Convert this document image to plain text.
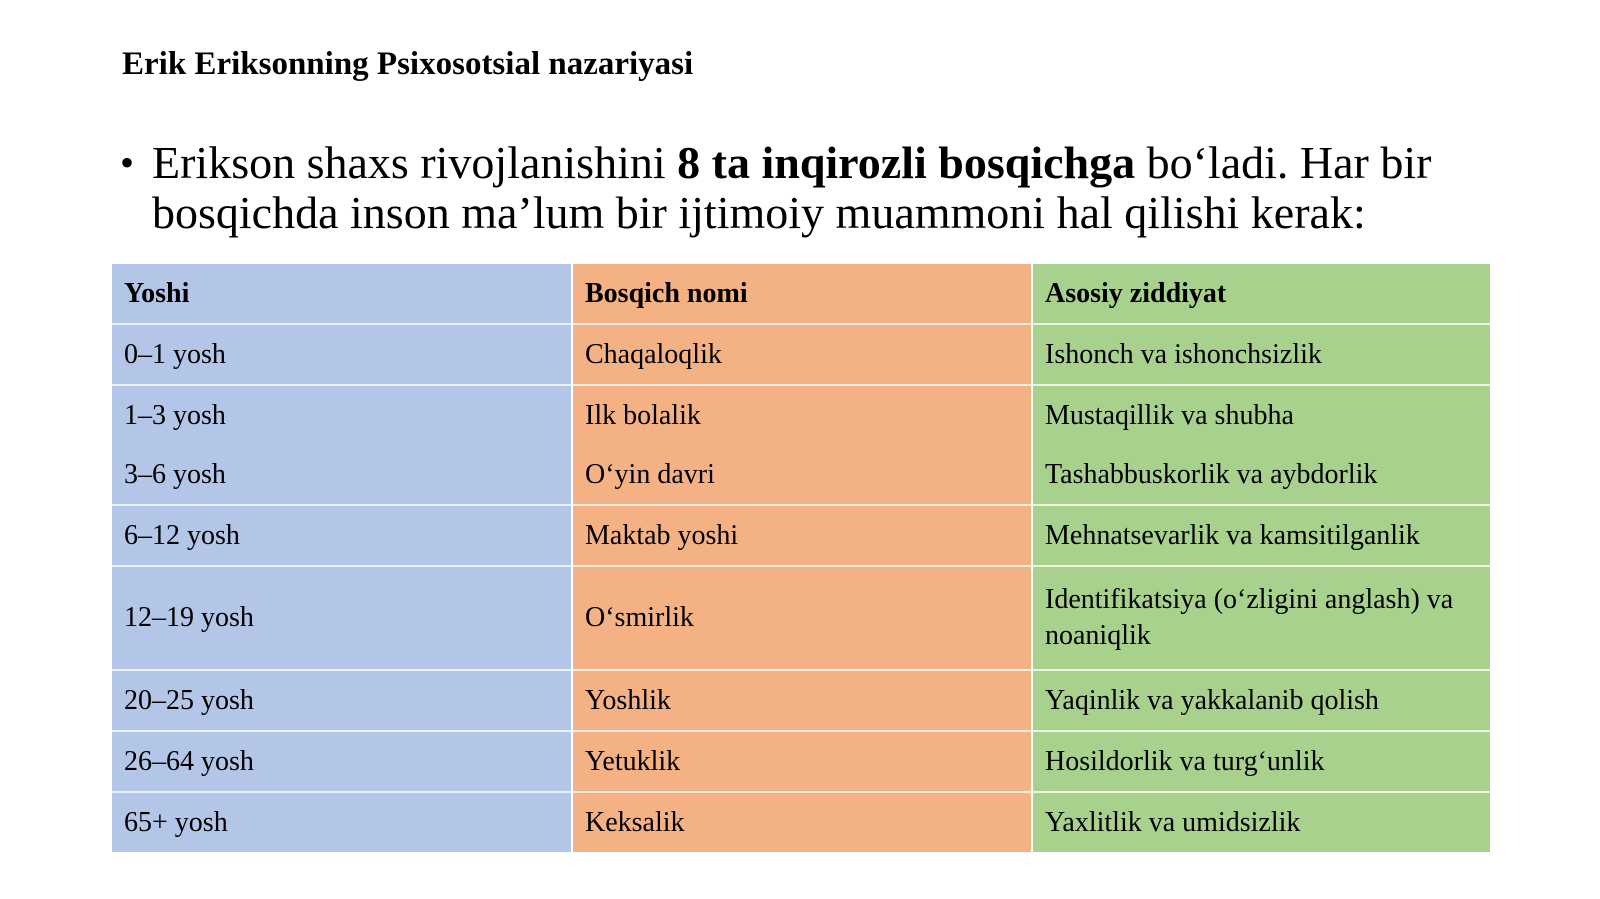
Erik Eriksonning Psixosotsial nazariyasi
• Erikson shaxs rivojlanishini 8 ta inqirozli bosqichga bo‘ladi. Har bir bosqichda inson ma’lum bir ijtimoiy muammoni hal qilishi kerak:
Yoshi	Bosqich nomi	Asosiy ziddiyat
0–1 yosh	Chaqaloqlik	Ishonch va ishonchsizlik
1–3 yosh	Ilk bolalik	Mustaqillik va shubha
3–6 yosh	O‘yin davri	Tashabbuskorlik va aybdorlik
6–12 yosh	Maktab yoshi	Mehnatsevarlik va kamsitilganlik
12–19 yosh	O‘smirlik	Identifikatsiya (o‘zligini anglash) va noaniqlik
20–25 yosh	Yoshlik	Yaqinlik va yakkalanib qolish
26–64 yosh	Yetuklik	Hosildorlik va turg‘unlik
65+ yosh	Keksalik	Yaxlitlik va umidsizlik
